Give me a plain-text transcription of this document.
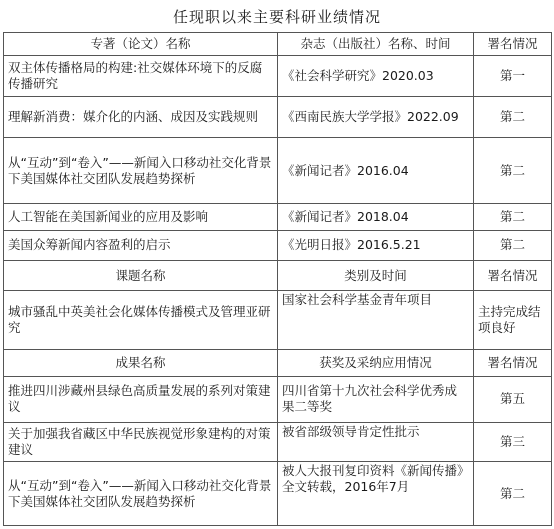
任现职以来主要科研业绩情况
专著（论文）名称	杂志（出版社）名称、时间	署名情况
双主体传播格局的构建:社交媒体环境下的反腐传播研究	《社会科学研究》2020.03	第一
理解新消费：媒介化的内涵、成因及实践规则	《西南民族大学学报》2022.09	第二
从“互动”到“卷入”——新闻入口移动社交化背景下美国媒体社交团队发展趋势探析	《新闻记者》2016.04	第二
人工智能在美国新闻业的应用及影响	《新闻记者》2018.04	第二
美国众筹新闻内容盈利的启示	《光明日报》2016.5.21	第二
课题名称	类别及时间	署名情况
城市骚乱中英美社会化媒体传播模式及管理亚研究	国家社会科学基金青年项目	主持完成结项良好
成果名称	获奖及采纳应用情况	署名情况
推进四川涉藏州县绿色高质量发展的系列对策建议	四川省第十九次社会科学优秀成果二等奖	第五
关于加强我省藏区中华民族视觉形象建构的对策建议	被省部级领导肯定性批示	第三
从“互动”到“卷入”——新闻入口移动社交化背景下美国媒体社交团队发展趋势探析	被人大报刊复印资料《新闻传播》全文转载，2016年7月	第二
